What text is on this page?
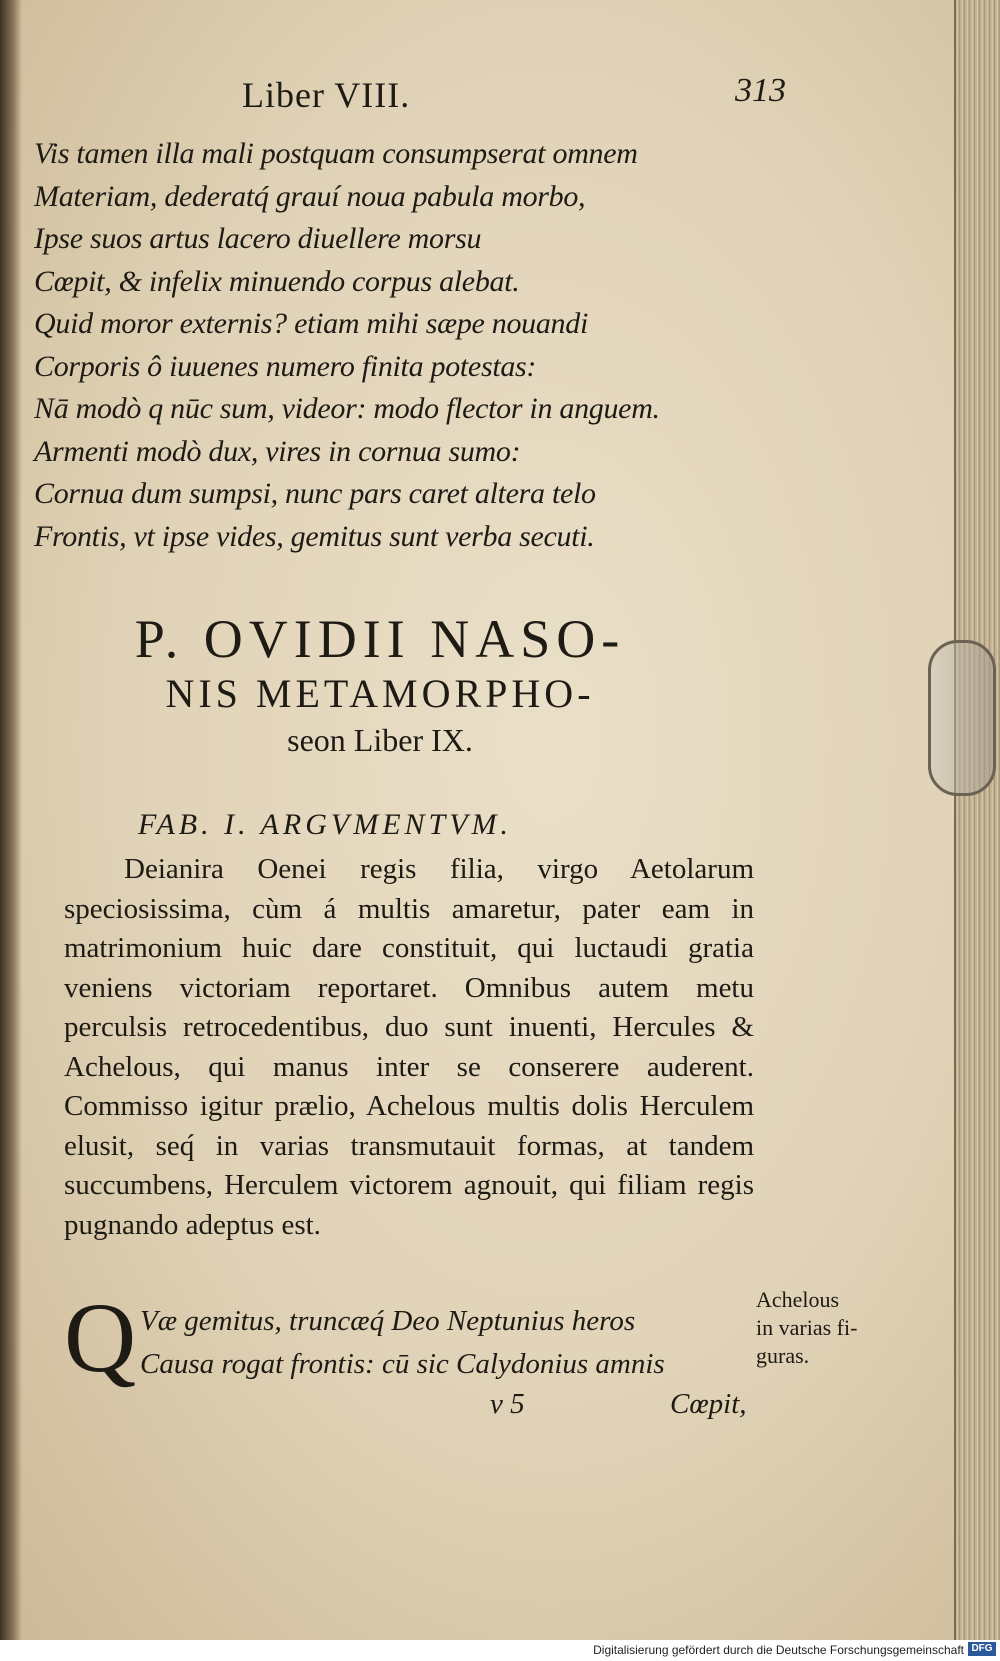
Liber VIII.	313
Vis tamen illa mali postquam consumpserat omnem
Materiam, dederatq́ grauí noua pabula morbo,
Ipse suos artus lacero diuellere morsu
Cœpit, & infelix minuendo corpus alebat.
Quid moror externis? etiam mihi sæpe nouandi
Corporis ô iuuenes numero finita potestas:
Nā modò q nūc sum, videor: modo flector in anguem.
Armenti modò dux, vires in cornua sumo:
Cornua dum sumpsi, nunc pars caret altera telo
Frontis, vt ipse vides, gemitus sunt verba secuti.
P. OVIDII NASO-
NIS METAMORPHO-
seon Liber IX.
FAB. I. ARGVMENTVM.

Deianira Oenei regis filia, virgo Aetolarum speciosissima, cùm á multis amaretur, pater eam in matrimonium huic dare constituit, qui luctaudi gratia veniens victoriam reportaret. Omnibus autem metu perculsis retrocedentibus, duo sunt inuenti, Hercules & Achelous, qui manus inter se conserere auderent. Commisso igitur prælio, Achelous multis dolis Herculem elusit, seq́ in varias transmutauit formas, at tandem succumbens, Herculem victorem agnouit, qui filiam regis pugnando adeptus est.

Q Væ gemitus, truncæq́ Deo Neptunius heros
Causa rogat frontis: cū sic Calydonius amnis
v 5	Cœpit,
Achelous
in varias fi-
guras.
Digitalisierung gefördert durch die Deutsche Forschungsgemeinschaft DFG
